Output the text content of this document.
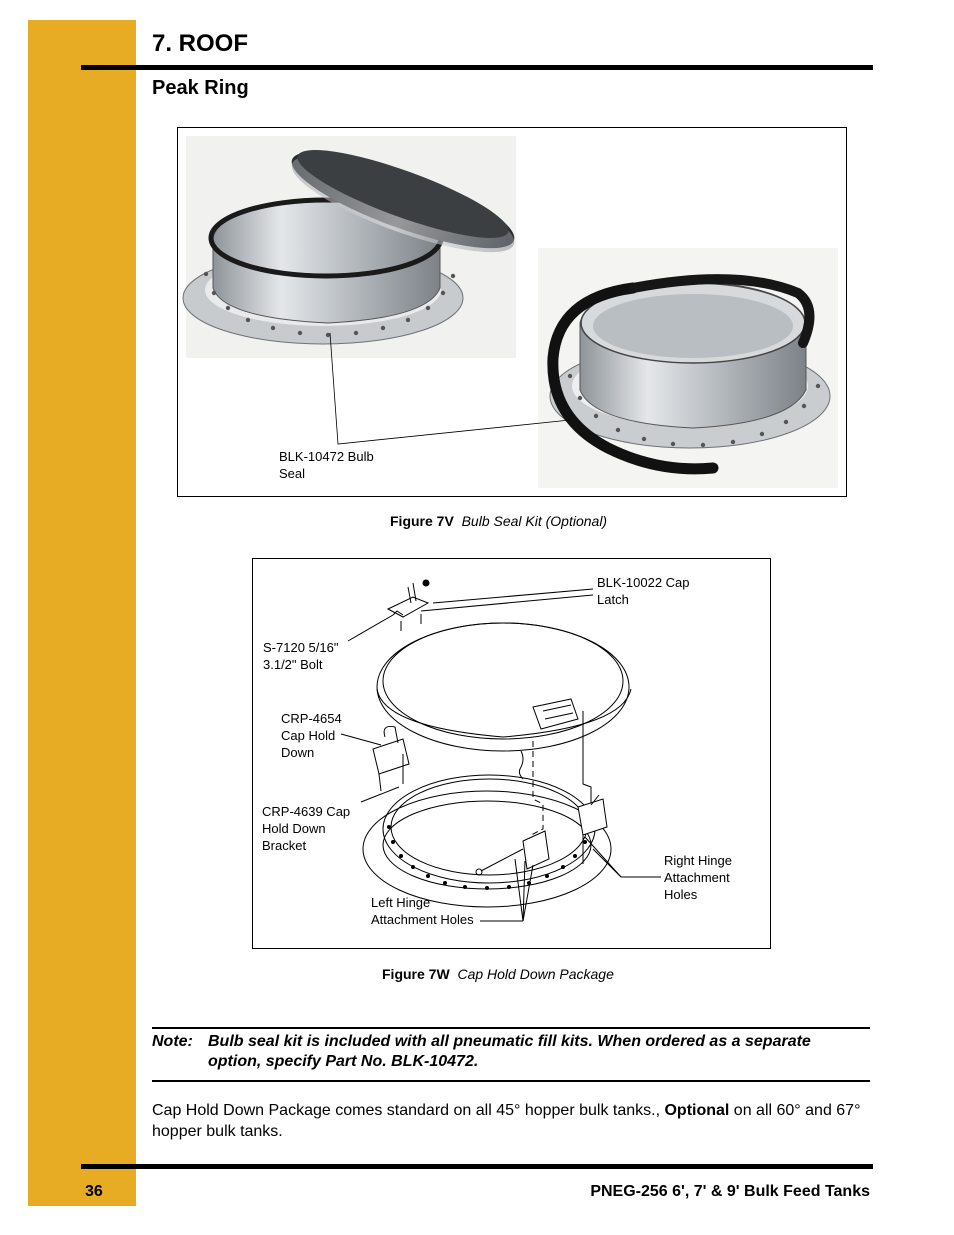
7. ROOF
Peak Ring
BLK-10472 Bulb Seal
Figure 7V Bulb Seal Kit (Optional)
BLK-10022 Cap Latch
S-7120 5/16" 3.1/2" Bolt
CRP-4654 Cap Hold Down
CRP-4639 Cap Hold Down Bracket
Right Hinge Attachment Holes
Left Hinge Attachment Holes
Figure 7W Cap Hold Down Package
Note: Bulb seal kit is included with all pneumatic fill kits. When ordered as a separate option, specify Part No. BLK-10472.
Cap Hold Down Package comes standard on all 45° hopper bulk tanks., Optional on all 60° and 67° hopper bulk tanks.
36	PNEG-256 6', 7' & 9' Bulk Feed Tanks
